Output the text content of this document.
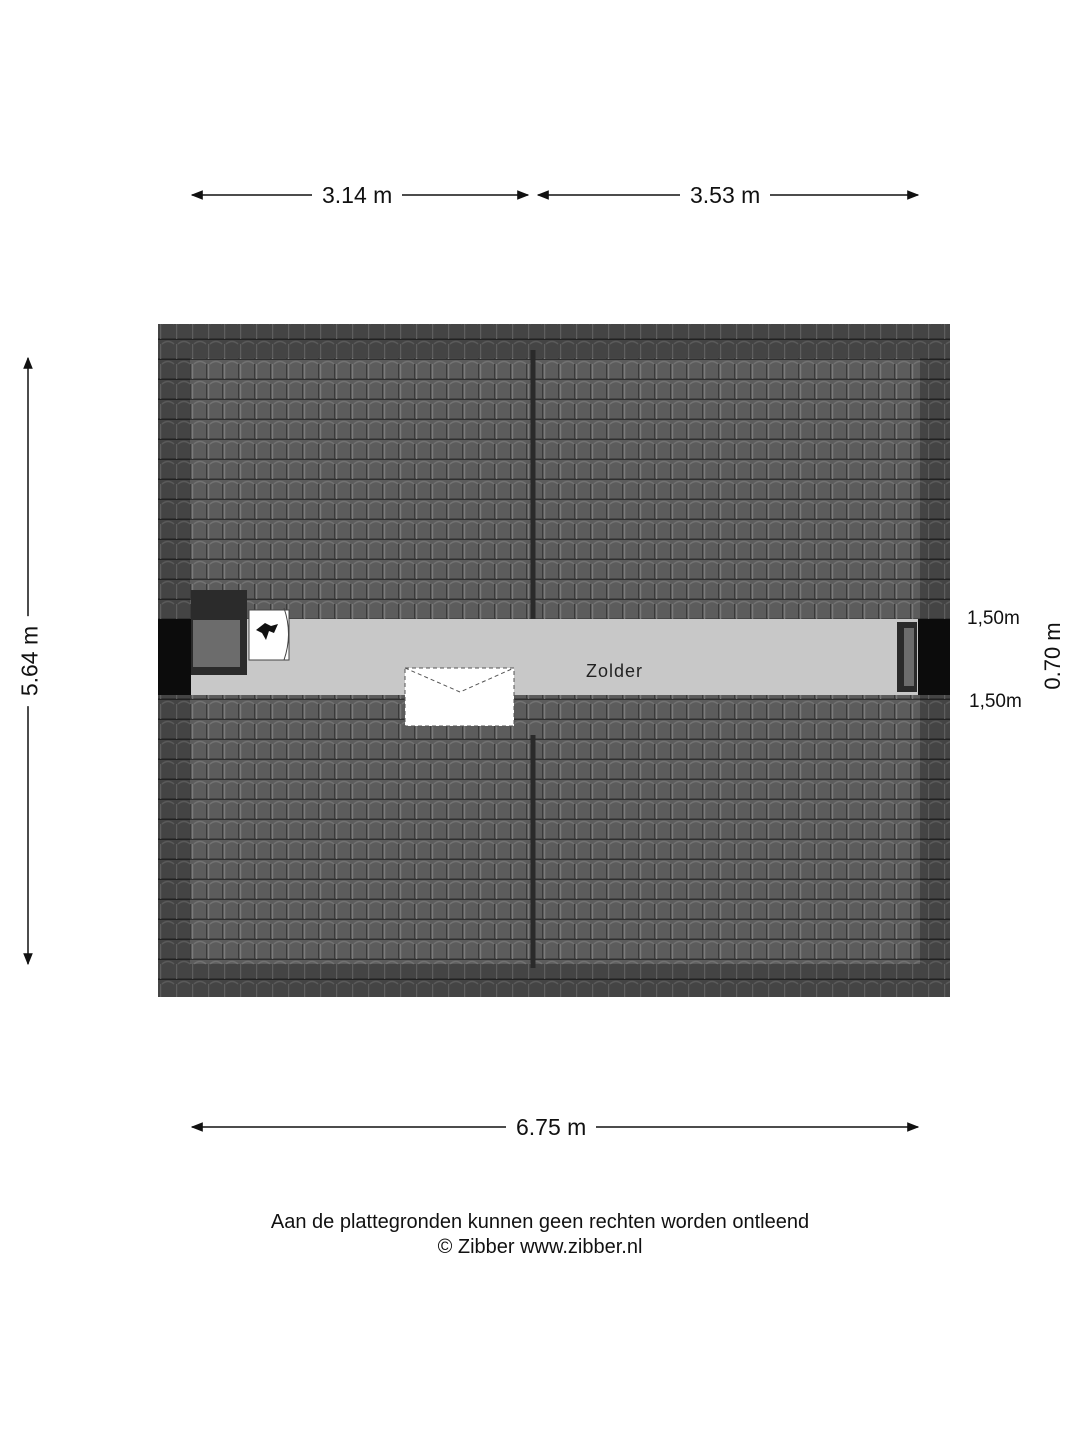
3.14 m	3.53 m
5.64 m
6.75 m
1,50m
1,50m
0.70 m
Zolder
Aan de plattegronden kunnen geen rechten worden ontleend
© Zibber www.zibber.nl
